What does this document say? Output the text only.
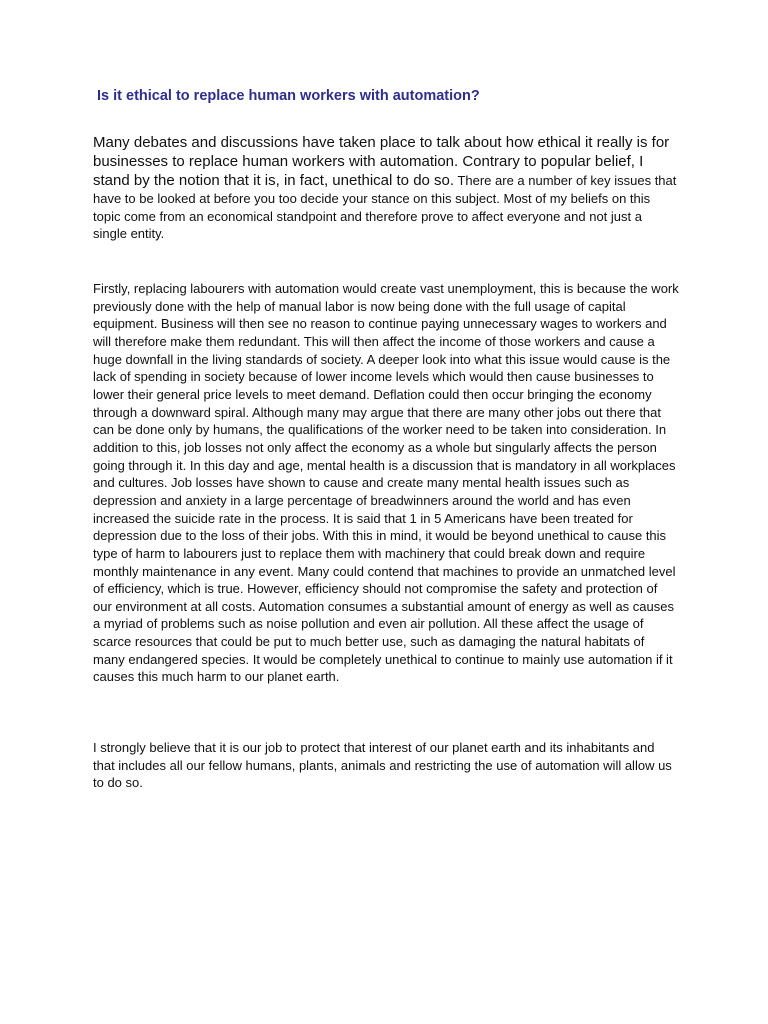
Is it ethical to replace human workers with automation?

Many debates and discussions have taken place to talk about how ethical it really is for businesses to replace human workers with automation. Contrary to popular belief, I stand by the notion that it is, in fact, unethical to do so. There are a number of key issues that have to be looked at before you too decide your stance on this subject. Most of my beliefs on this topic come from an economical standpoint and therefore prove to affect everyone and not just a single entity.

Firstly, replacing labourers with automation would create vast unemployment, this is because the work previously done with the help of manual labor is now being done with the full usage of capital equipment. Business will then see no reason to continue paying unnecessary wages to workers and will therefore make them redundant. This will then affect the income of those workers and cause a huge downfall in the living standards of society. A deeper look into what this issue would cause is the lack of spending in society because of lower income levels which would then cause businesses to lower their general price levels to meet demand. Deflation could then occur bringing the economy through a downward spiral. Although many may argue that there are many other jobs out there that can be done only by humans, the qualifications of the worker need to be taken into consideration. In addition to this, job losses not only affect the economy as a whole but singularly affects the person going through it. In this day and age, mental health is a discussion that is mandatory in all workplaces and cultures. Job losses have shown to cause and create many mental health issues such as depression and anxiety in a large percentage of breadwinners around the world and has even increased the suicide rate in the process. It is said that 1 in 5 Americans have been treated for depression due to the loss of their jobs. With this in mind, it would be beyond unethical to cause this type of harm to labourers just to replace them with machinery that could break down and require monthly maintenance in any event. Many could contend that machines to provide an unmatched level of efficiency, which is true. However, efficiency should not compromise the safety and protection of our environment at all costs. Automation consumes a substantial amount of energy as well as causes a myriad of problems such as noise pollution and even air pollution. All these affect the usage of scarce resources that could be put to much better use, such as damaging the natural habitats of many endangered species. It would be completely unethical to continue to mainly use automation if it causes this much harm to our planet earth.

I strongly believe that it is our job to protect that interest of our planet earth and its inhabitants and that includes all our fellow humans, plants, animals and restricting the use of automation will allow us to do so.
